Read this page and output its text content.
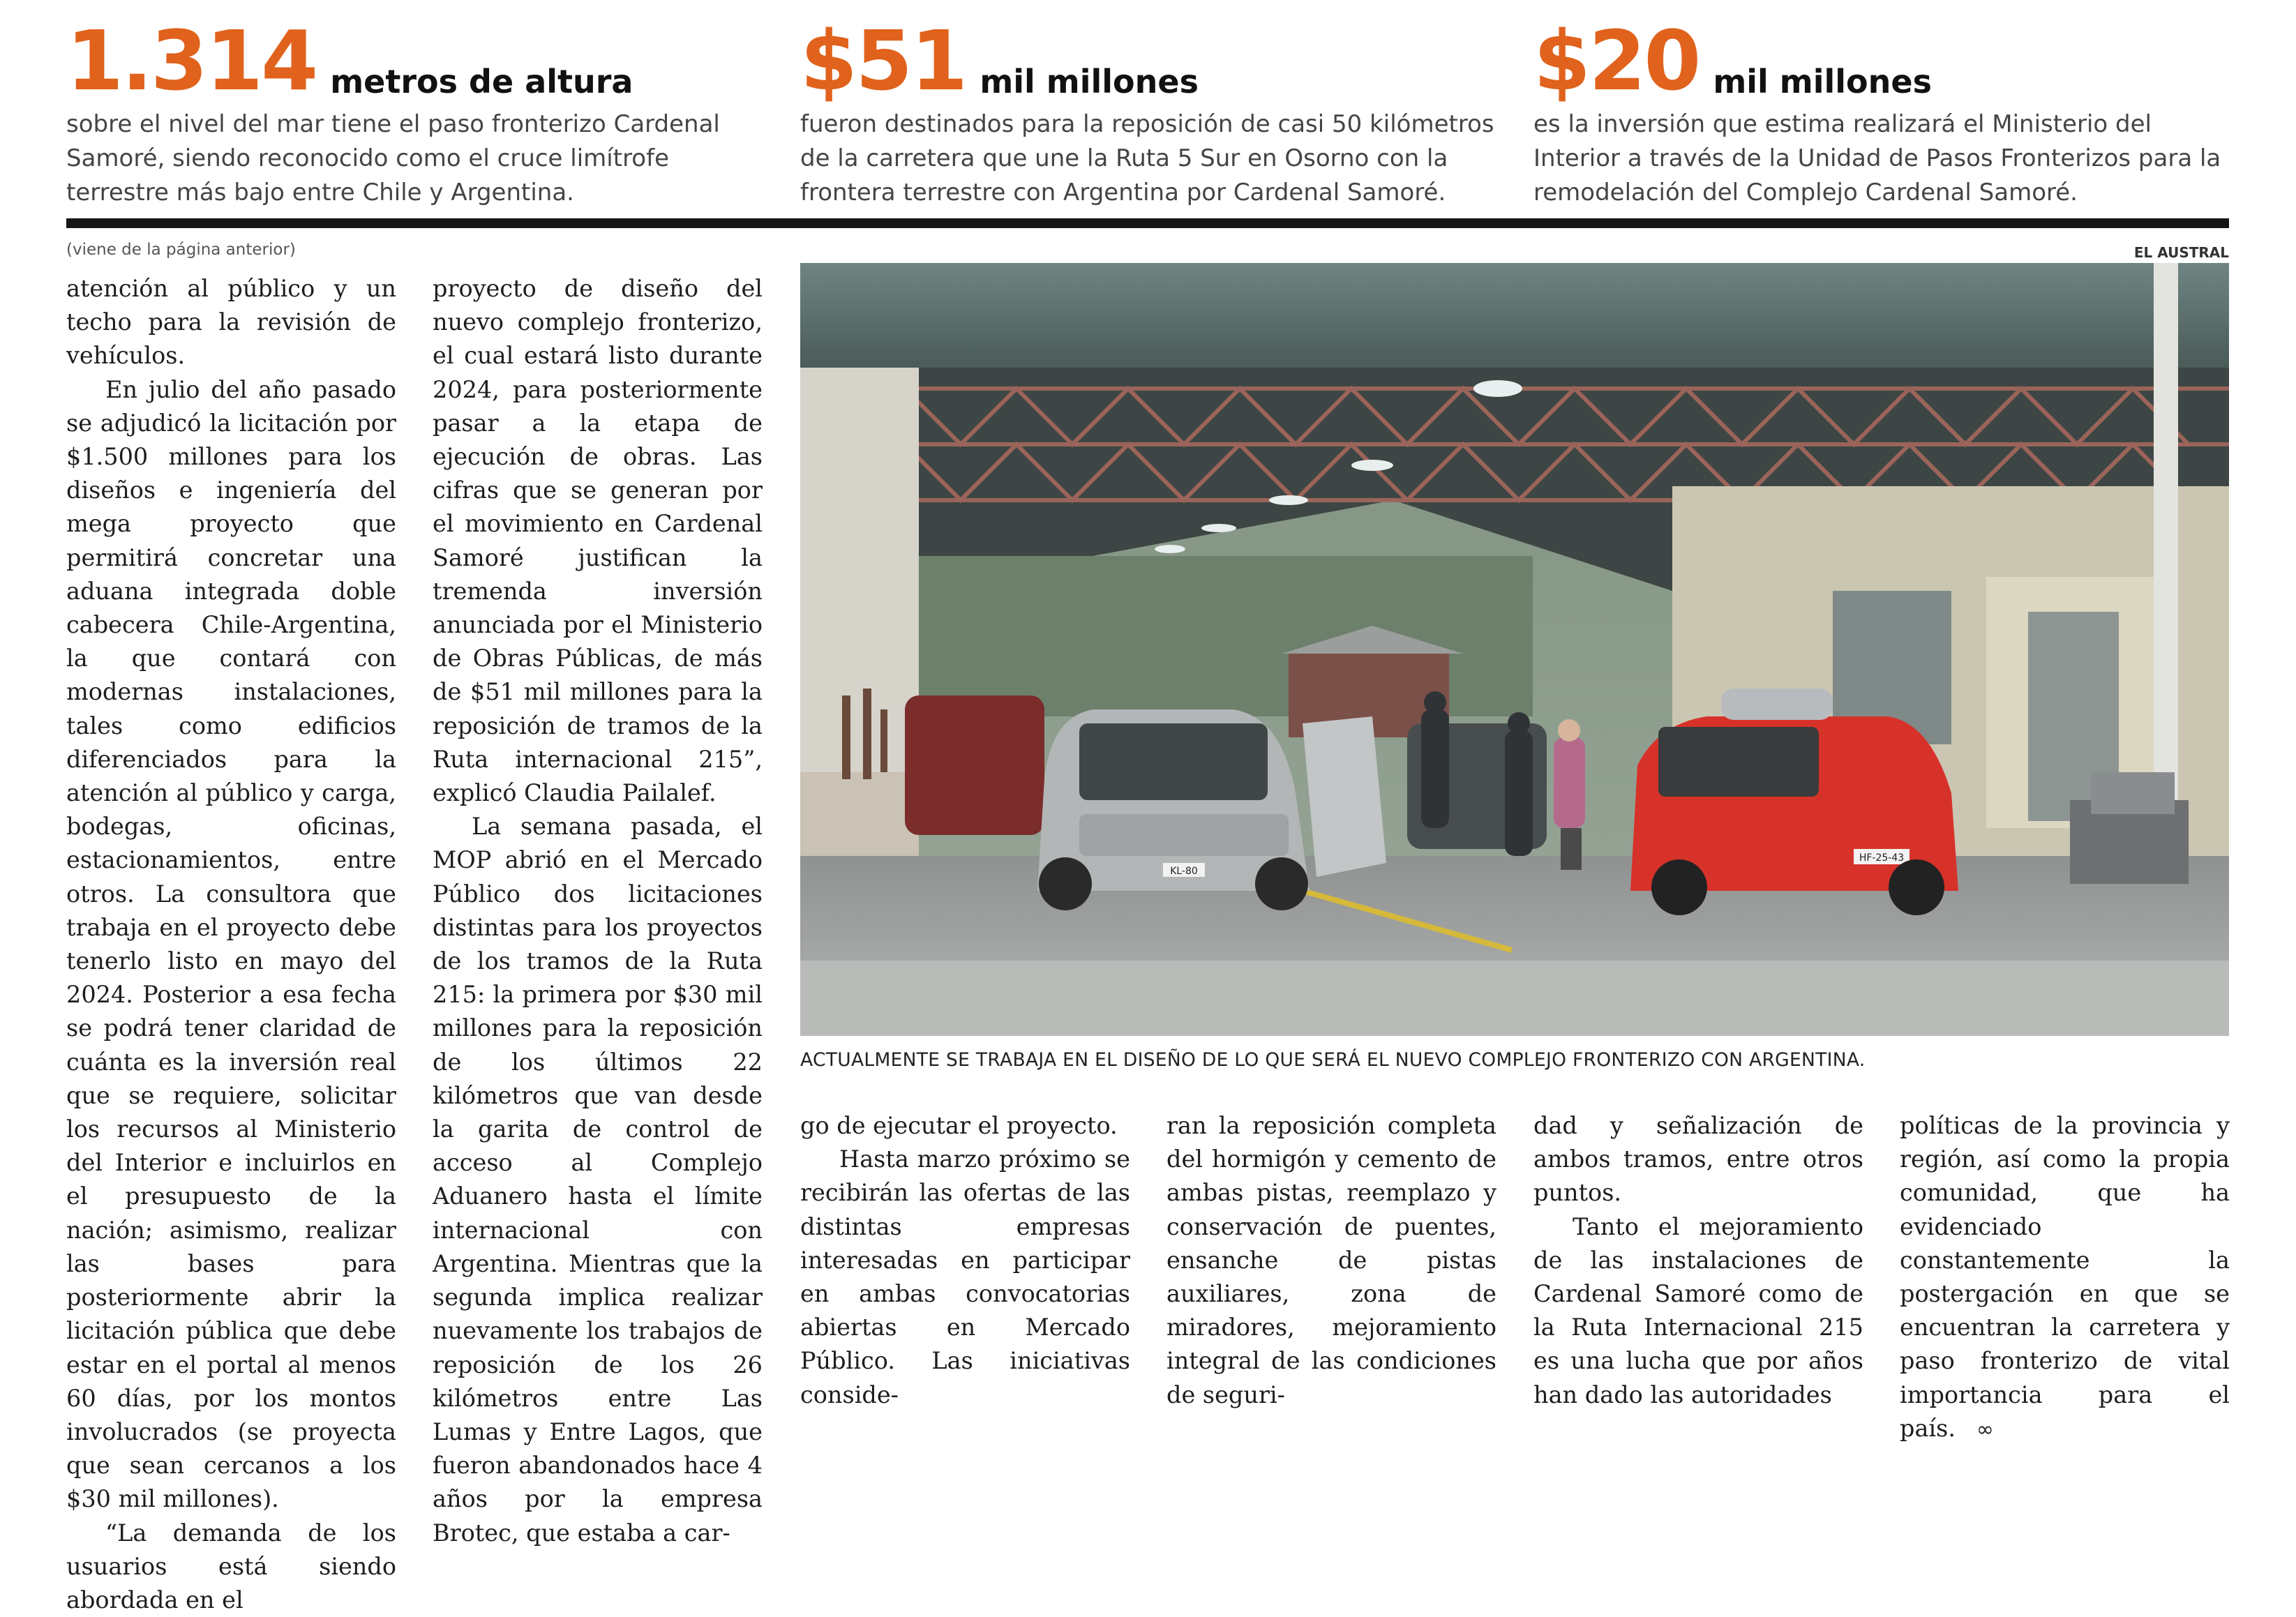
1.314 metros de altura
sobre el nivel del mar tiene el paso fronterizo Cardenal Samoré, siendo reconocido como el cruce limítrofe terrestre más bajo entre Chile y Argentina.
$51 mil millones
fueron destinados para la reposición de casi 50 kilómetros de la carretera que une la Ruta 5 Sur en Osorno con la frontera terrestre con Argentina por Cardenal Samoré.
$20 mil millones
es la inversión que estima realizará el Ministerio del Interior a través de la Unidad de Pasos Fronterizos para la remodelación del Complejo Cardenal Samoré.
(viene de la página anterior)	EL AUSTRAL

atención al público y un techo para la revisión de vehículos.

En julio del año pasado se adjudicó la licitación por $1.500 millones para los diseños e ingeniería del mega proyecto que permitirá concretar una aduana integrada doble cabecera Chile-Argentina, la que contará con modernas instalaciones, tales como edificios diferenciados para la atención al público y carga, bodegas, oficinas, estacionamientos, entre otros. La consultora que trabaja en el proyecto debe tenerlo listo en mayo del 2024. Posterior a esa fecha se podrá tener claridad de cuánta es la inversión real que se requiere, solicitar los recursos al Ministerio del Interior e incluirlos en el presupuesto de la nación; asimismo, realizar las bases para posteriormente abrir la licitación pública que debe estar en el portal al menos 60 días, por los montos involucrados (se proyecta que sean cercanos a los $30 mil millones).

“La demanda de los usuarios está siendo abordada en el

proyecto de diseño del nuevo complejo fronterizo, el cual estará listo durante 2024, para posteriormente pasar a la etapa de ejecución de obras. Las cifras que se generan por el movimiento en Cardenal Samoré justifican la tremenda inversión anunciada por el Ministerio de Obras Públicas, de más de $51 mil millones para la reposición de tramos de la Ruta internacional 215”, explicó Claudia Pailalef.

La semana pasada, el MOP abrió en el Mercado Público dos licitaciones distintas para los proyectos de los tramos de la Ruta 215: la primera por $30 mil millones para la reposición de los últimos 22 kilómetros que van desde la garita de control de acceso al Complejo Aduanero hasta el límite internacional con Argentina. Mientras que la segunda implica realizar nuevamente los trabajos de reposición de los 26 kilómetros entre Las Lumas y Entre Lagos, que fueron abandonados hace 4 años por la empresa Brotec, que estaba a car-

go de ejecutar el proyecto.

Hasta marzo próximo se recibirán las ofertas de las distintas empresas interesadas en participar en ambas convocatorias abiertas en Mercado Público. Las iniciativas conside-

ran la reposición completa del hormigón y cemento de ambas pistas, reemplazo y conservación de puentes, ensanche de pistas auxiliares, zona de miradores, mejoramiento integral de las condiciones de seguri-

dad y señalización de ambos tramos, entre otros puntos.

Tanto el mejoramiento de las instalaciones de Cardenal Samoré como de la Ruta Internacional 215 es una lucha que por años han dado las autoridades

políticas de la provincia y región, así como la propia comunidad, que ha evidenciado constantemente la postergación en que se encuentran la carretera y paso fronterizo de vital importancia para el país. ∞

KL-80
HF-25-43
ACTUALMENTE SE TRABAJA EN EL DISEÑO DE LO QUE SERÁ EL NUEVO COMPLEJO FRONTERIZO CON ARGENTINA.
